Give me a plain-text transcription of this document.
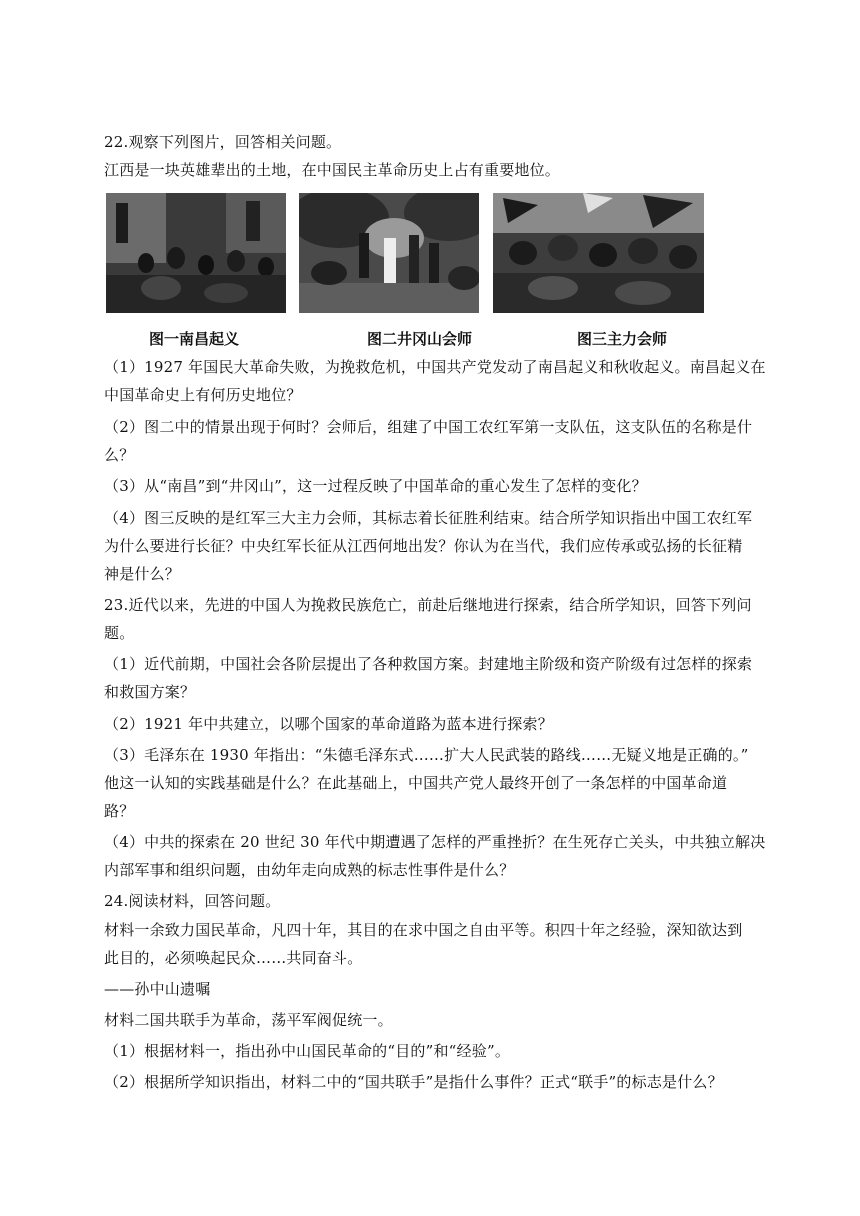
22.观察下列图片，回答相关问题。
江西是一块英雄辈出的土地，在中国民主革命历史上占有重要地位。
图一南昌起义	图二井冈山会师	图三主力会师
（1）1927 年国民大革命失败，为挽救危机，中国共产党发动了南昌起义和秋收起义。南昌起义在
中国革命史上有何历史地位？
（2）图二中的情景出现于何时？会师后，组建了中国工农红军第一支队伍，这支队伍的名称是什
么？
（3）从“南昌”到“井冈山”，这一过程反映了中国革命的重心发生了怎样的变化？
（4）图三反映的是红军三大主力会师，其标志着长征胜利结束。结合所学知识指出中国工农红军
为什么要进行长征？中央红军长征从江西何地出发？你认为在当代，我们应传承或弘扬的长征精
神是什么？
23.近代以来，先进的中国人为挽救民族危亡，前赴后继地进行探索，结合所学知识，回答下列问
题。
（1）近代前期，中国社会各阶层提出了各种救国方案。封建地主阶级和资产阶级有过怎样的探索
和救国方案？
（2）1921 年中共建立，以哪个国家的革命道路为蓝本进行探索？
（3）毛泽东在 1930 年指出：“朱德毛泽东式……扩大人民武装的路线……无疑义地是正确的。”
他这一认知的实践基础是什么？在此基础上，中国共产党人最终开创了一条怎样的中国革命道
路？
（4）中共的探索在 20 世纪 30 年代中期遭遇了怎样的严重挫折？在生死存亡关头，中共独立解决
内部军事和组织问题，由幼年走向成熟的标志性事件是什么？
24.阅读材料，回答问题。
材料一余致力国民革命，凡四十年，其目的在求中国之自由平等。积四十年之经验，深知欲达到
此目的，必须唤起民众……共同奋斗。
——孙中山遗嘱
材料二国共联手为革命，荡平军阀促统一。
（1）根据材料一，指出孙中山国民革命的“目的”和“经验”。
（2）根据所学知识指出，材料二中的“国共联手”是指什么事件？正式“联手”的标志是什么？
